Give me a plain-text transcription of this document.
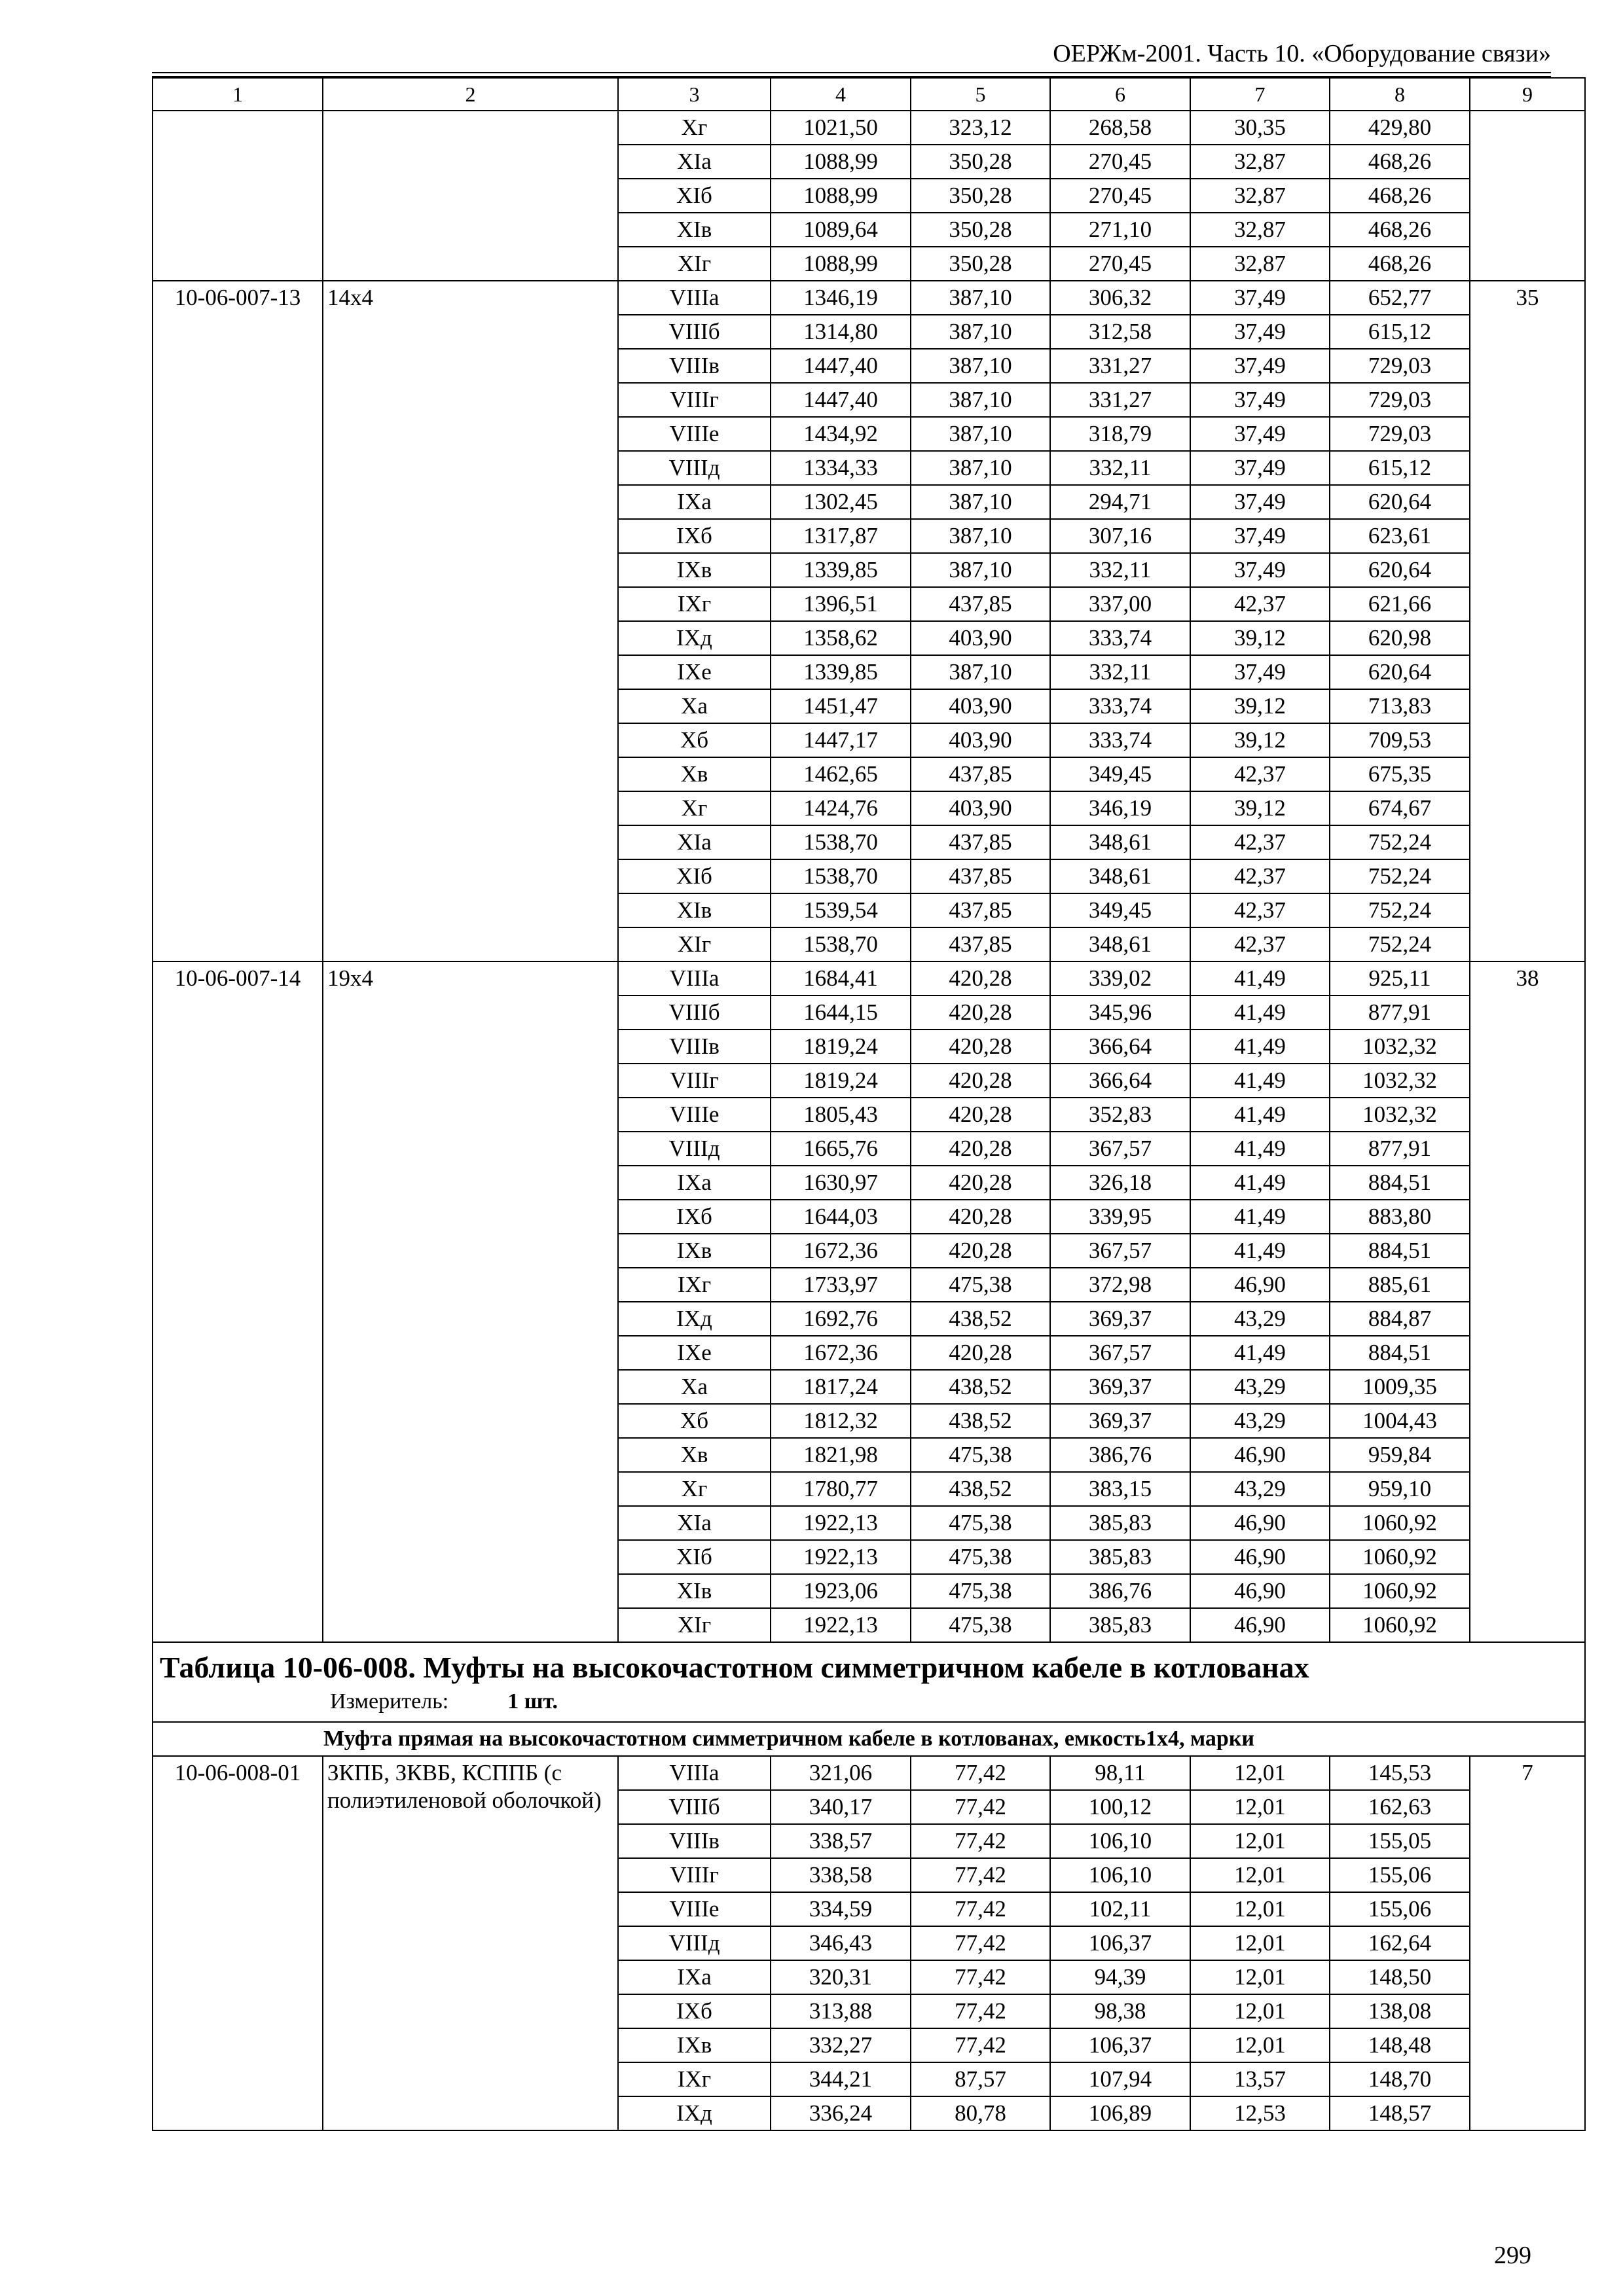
ОЕРЖм-2001. Часть 10. «Оборудование связи»
1	2	3	4	5	6	7	8	9
		Xг	1021,50	323,12	268,58	30,35	429,80	
		XIа	1088,99	350,28	270,45	32,87	468,26	
		XIб	1088,99	350,28	270,45	32,87	468,26	
		XIв	1089,64	350,28	271,10	32,87	468,26	
		XIг	1088,99	350,28	270,45	32,87	468,26	
10-06-007-13	14х4	VIIIа	1346,19	387,10	306,32	37,49	652,77	35
		VIIIб	1314,80	387,10	312,58	37,49	615,12	
		VIIIв	1447,40	387,10	331,27	37,49	729,03	
		VIIIг	1447,40	387,10	331,27	37,49	729,03	
		VIIIе	1434,92	387,10	318,79	37,49	729,03	
		VIIIд	1334,33	387,10	332,11	37,49	615,12	
		IXа	1302,45	387,10	294,71	37,49	620,64	
		IXб	1317,87	387,10	307,16	37,49	623,61	
		IXв	1339,85	387,10	332,11	37,49	620,64	
		IXг	1396,51	437,85	337,00	42,37	621,66	
		IXд	1358,62	403,90	333,74	39,12	620,98	
		IXе	1339,85	387,10	332,11	37,49	620,64	
		Xа	1451,47	403,90	333,74	39,12	713,83	
		Xб	1447,17	403,90	333,74	39,12	709,53	
		Xв	1462,65	437,85	349,45	42,37	675,35	
		Xг	1424,76	403,90	346,19	39,12	674,67	
		XIа	1538,70	437,85	348,61	42,37	752,24	
		XIб	1538,70	437,85	348,61	42,37	752,24	
		XIв	1539,54	437,85	349,45	42,37	752,24	
		XIг	1538,70	437,85	348,61	42,37	752,24	
10-06-007-14	19х4	VIIIа	1684,41	420,28	339,02	41,49	925,11	38
		VIIIб	1644,15	420,28	345,96	41,49	877,91	
		VIIIв	1819,24	420,28	366,64	41,49	1032,32	
		VIIIг	1819,24	420,28	366,64	41,49	1032,32	
		VIIIе	1805,43	420,28	352,83	41,49	1032,32	
		VIIIд	1665,76	420,28	367,57	41,49	877,91	
		IXа	1630,97	420,28	326,18	41,49	884,51	
		IXб	1644,03	420,28	339,95	41,49	883,80	
		IXв	1672,36	420,28	367,57	41,49	884,51	
		IXг	1733,97	475,38	372,98	46,90	885,61	
		IXд	1692,76	438,52	369,37	43,29	884,87	
		IXе	1672,36	420,28	367,57	41,49	884,51	
		Xа	1817,24	438,52	369,37	43,29	1009,35	
		Xб	1812,32	438,52	369,37	43,29	1004,43	
		Xв	1821,98	475,38	386,76	46,90	959,84	
		Xг	1780,77	438,52	383,15	43,29	959,10	
		XIа	1922,13	475,38	385,83	46,90	1060,92	
		XIб	1922,13	475,38	385,83	46,90	1060,92	
		XIв	1923,06	475,38	386,76	46,90	1060,92	
		XIг	1922,13	475,38	385,83	46,90	1060,92	

Таблица 10-06-008. Муфты на высокочастотном симметричном кабеле в котлованах
Измеритель: 1 шт.								

Муфта прямая на высокочастотном симметричном кабеле в котлованах, емкость1х4, марки								
10-06-008-01	ЗКПБ, ЗКВБ, КСППБ (с полиэтиленовой оболочкой)	VIIIа	321,06	77,42	98,11	12,01	145,53	7
		VIIIб	340,17	77,42	100,12	12,01	162,63	
		VIIIв	338,57	77,42	106,10	12,01	155,05	
		VIIIг	338,58	77,42	106,10	12,01	155,06	
		VIIIе	334,59	77,42	102,11	12,01	155,06	
		VIIIд	346,43	77,42	106,37	12,01	162,64	
		IXа	320,31	77,42	94,39	12,01	148,50	
		IXб	313,88	77,42	98,38	12,01	138,08	
		IXв	332,27	77,42	106,37	12,01	148,48	
		IXг	344,21	87,57	107,94	13,57	148,70	
		IXд	336,24	80,78	106,89	12,53	148,57	
299
